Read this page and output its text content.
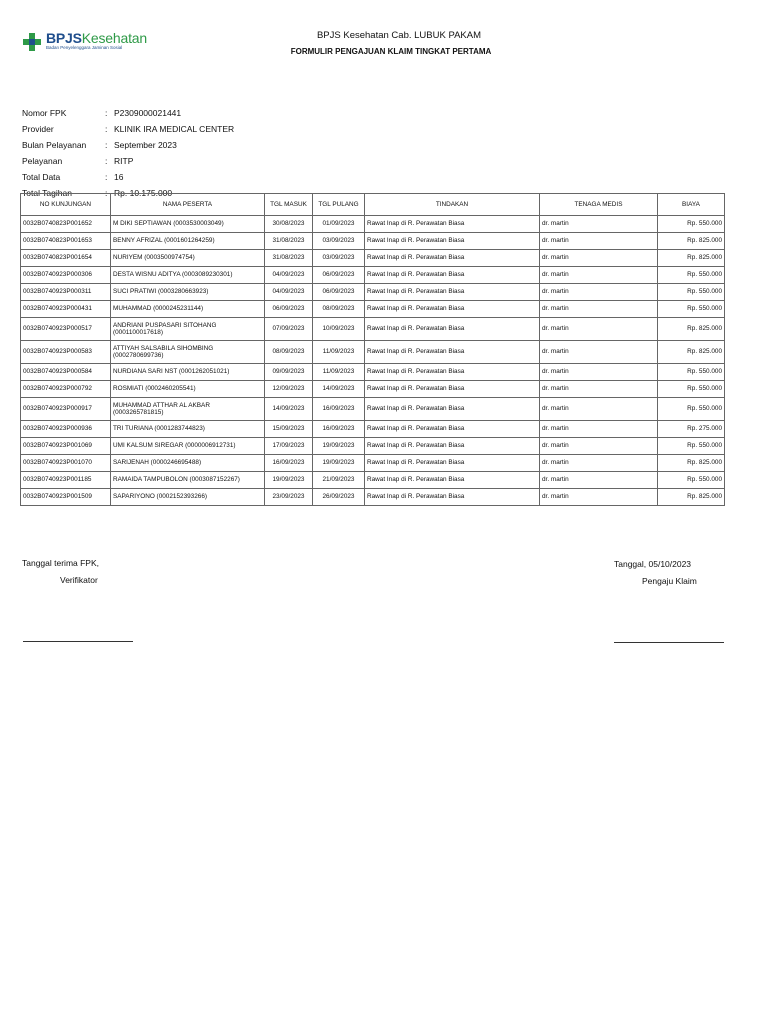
BPJSKesehatan
Badan Penyelenggara Jaminan Sosial
BPJS Kesehatan Cab. LUBUK PAKAM
FORMULIR PENGAJUAN KLAIM TINGKAT PERTAMA
Nomor FPK	: P2309000021441
Provider	: KLINIK IRA MEDICAL CENTER
Bulan Pelayanan : September 2023
Pelayanan	: RITP
Total Data	: 16
Total Tagihan	: Rp. 10.175.000
NO KUNJUNGAN	NAMA PESERTA	TGL MASUK	TGL PULANG	TINDAKAN	TENAGA MEDIS	BIAYA
0032B0740823P001652	M DIKI SEPTIAWAN (0003530003049)	30/08/2023	01/09/2023	Rawat Inap di R. Perawatan Biasa	dr. martin	Rp. 550.000
0032B0740823P001653	BENNY AFRIZAL (0001601264259)	31/08/2023	03/09/2023	Rawat Inap di R. Perawatan Biasa	dr. martin	Rp. 825.000
0032B0740823P001654	NURIYEM (0003500974754)	31/08/2023	03/09/2023	Rawat Inap di R. Perawatan Biasa	dr. martin	Rp. 825.000
0032B0740923P000306	DESTA WISNU ADITYA (0003089230301)	04/09/2023	06/09/2023	Rawat Inap di R. Perawatan Biasa	dr. martin	Rp. 550.000
0032B0740923P000311	SUCI PRATIWI (0003280663923)	04/09/2023	06/09/2023	Rawat Inap di R. Perawatan Biasa	dr. martin	Rp. 550.000
0032B0740923P000431	MUHAMMAD (0000245231144)	06/09/2023	08/09/2023	Rawat Inap di R. Perawatan Biasa	dr. martin	Rp. 550.000
0032B0740923P000517	ANDRIANI PUSPASARI SITOHANG (0001100017618)	07/09/2023	10/09/2023	Rawat Inap di R. Perawatan Biasa	dr. martin	Rp. 825.000
0032B0740923P000583	ATTIYAH SALSABILA SIHOMBING (0002780699736)	08/09/2023	11/09/2023	Rawat Inap di R. Perawatan Biasa	dr. martin	Rp. 825.000
0032B0740923P000584	NURDIANA SARI NST (0001262051021)	09/09/2023	11/09/2023	Rawat Inap di R. Perawatan Biasa	dr. martin	Rp. 550.000
0032B0740923P000792	ROSMIATI (0002460205541)	12/09/2023	14/09/2023	Rawat Inap di R. Perawatan Biasa	dr. martin	Rp. 550.000
0032B0740923P000917	MUHAMMAD ATTHAR AL AKBAR (0003265781815)	14/09/2023	16/09/2023	Rawat Inap di R. Perawatan Biasa	dr. martin	Rp. 550.000
0032B0740923P000936	TRI TURIANA (0001283744823)	15/09/2023	16/09/2023	Rawat Inap di R. Perawatan Biasa	dr. martin	Rp. 275.000
0032B0740923P001069	UMI KALSUM SIREGAR (0000006912731)	17/09/2023	19/09/2023	Rawat Inap di R. Perawatan Biasa	dr. martin	Rp. 550.000
0032B0740923P001070	SARIJENAH (0000246695488)	16/09/2023	19/09/2023	Rawat Inap di R. Perawatan Biasa	dr. martin	Rp. 825.000
0032B0740923P001185	RAMAIDA TAMPUBOLON (0003087152267)	19/09/2023	21/09/2023	Rawat Inap di R. Perawatan Biasa	dr. martin	Rp. 550.000
0032B0740923P001509	SAPARIYONO (0002152393266)	23/09/2023	26/09/2023	Rawat Inap di R. Perawatan Biasa	dr. martin	Rp. 825.000
Tanggal terima FPK,
Verifikator
Tanggal, 05/10/2023
Pengaju Klaim
